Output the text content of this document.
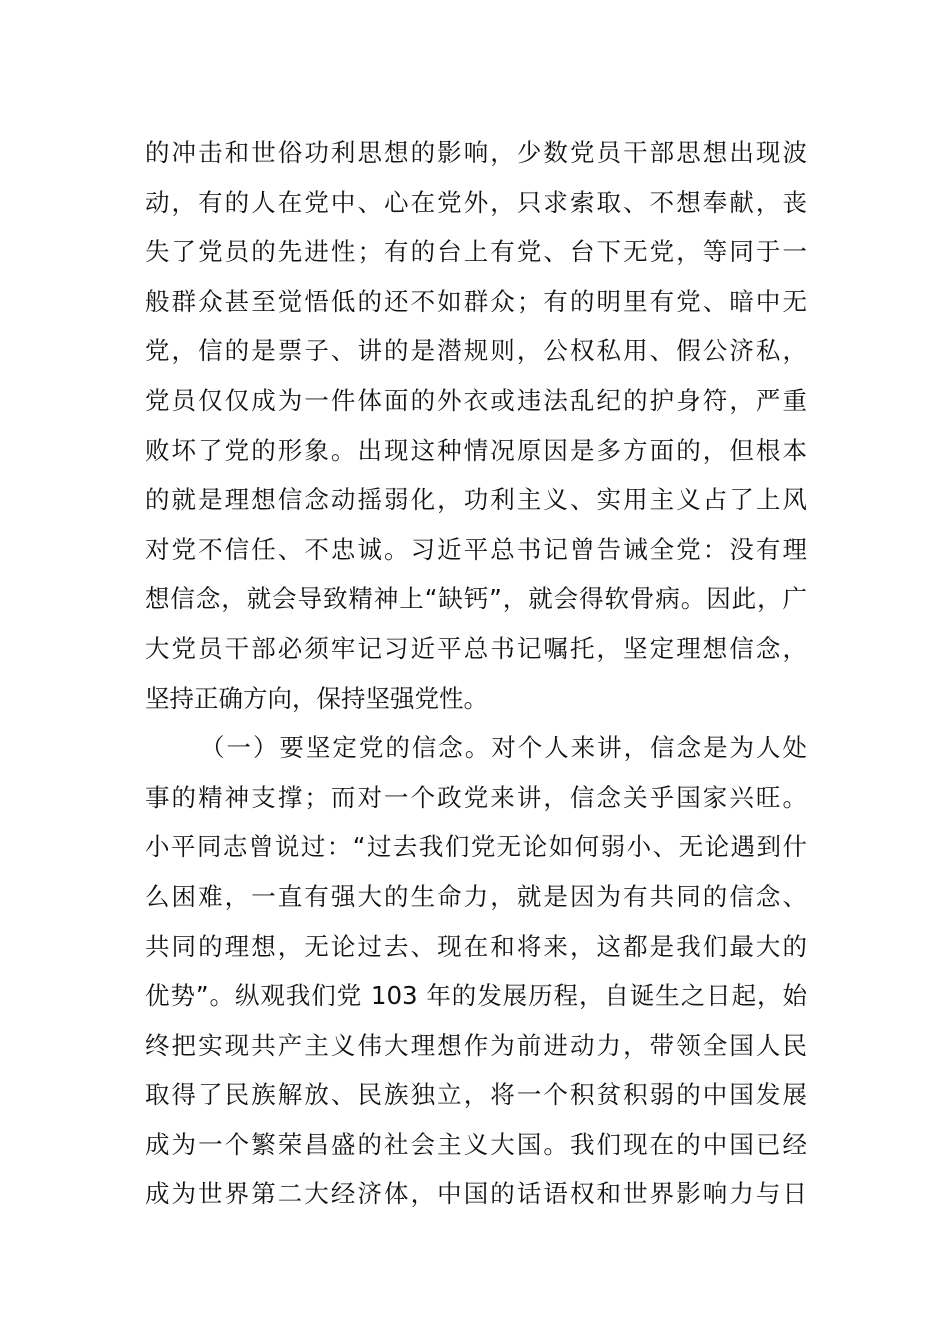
的冲击和世俗功利思想的影响，少数党员干部思想出现波
动，有的人在党中、心在党外，只求索取、不想奉献，丧
失了党员的先进性；有的台上有党、台下无党，等同于一
般群众甚至觉悟低的还不如群众；有的明里有党、暗中无
党，信的是票子、讲的是潜规则，公权私用、假公济私，
党员仅仅成为一件体面的外衣或违法乱纪的护身符，严重
败坏了党的形象。出现这种情况原因是多方面的，但根本
的就是理想信念动摇弱化，功利主义、实用主义占了上风
对党不信任、不忠诚。习近平总书记曾告诫全党：没有理
想信念，就会导致精神上“缺钙”，就会得软骨病。因此，广
大党员干部必须牢记习近平总书记嘱托，坚定理想信念，
坚持正确方向，保持坚强党性。
（一）要坚定党的信念。对个人来讲，信念是为人处
事的精神支撑；而对一个政党来讲，信念关乎国家兴旺。
小平同志曾说过：“过去我们党无论如何弱小、无论遇到什
么困难，一直有强大的生命力，就是因为有共同的信念、
共同的理想，无论过去、现在和将来，这都是我们最大的
优势”。纵观我们党 103 年的发展历程，自诞生之日起，始
终把实现共产主义伟大理想作为前进动力，带领全国人民
取得了民族解放、民族独立，将一个积贫积弱的中国发展
成为一个繁荣昌盛的社会主义大国。我们现在的中国已经
成为世界第二大经济体，中国的话语权和世界影响力与日
